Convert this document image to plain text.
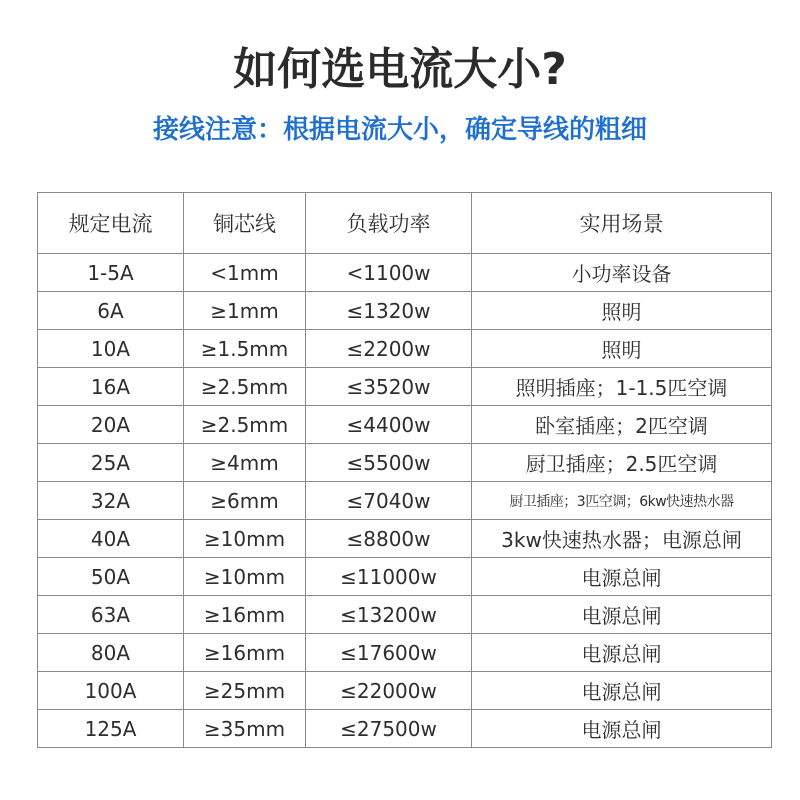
如何选电流大小?
接线注意：根据电流大小，确定导线的粗细
规定电流	铜芯线	负载功率	实用场景
1-5A	<1mm	<1100w	小功率设备
6A	≥1mm	≤1320w	照明
10A	≥1.5mm	≤2200w	照明
16A	≥2.5mm	≤3520w	照明插座；1-1.5匹空调
20A	≥2.5mm	≤4400w	卧室插座；2匹空调
25A	≥4mm	≤5500w	厨卫插座；2.5匹空调
32A	≥6mm	≤7040w	厨卫插座；3匹空调；6kw快速热水器
40A	≥10mm	≤8800w	3kw快速热水器；电源总闸
50A	≥10mm	≤11000w	电源总闸
63A	≥16mm	≤13200w	电源总闸
80A	≥16mm	≤17600w	电源总闸
100A	≥25mm	≤22000w	电源总闸
125A	≥35mm	≤27500w	电源总闸
